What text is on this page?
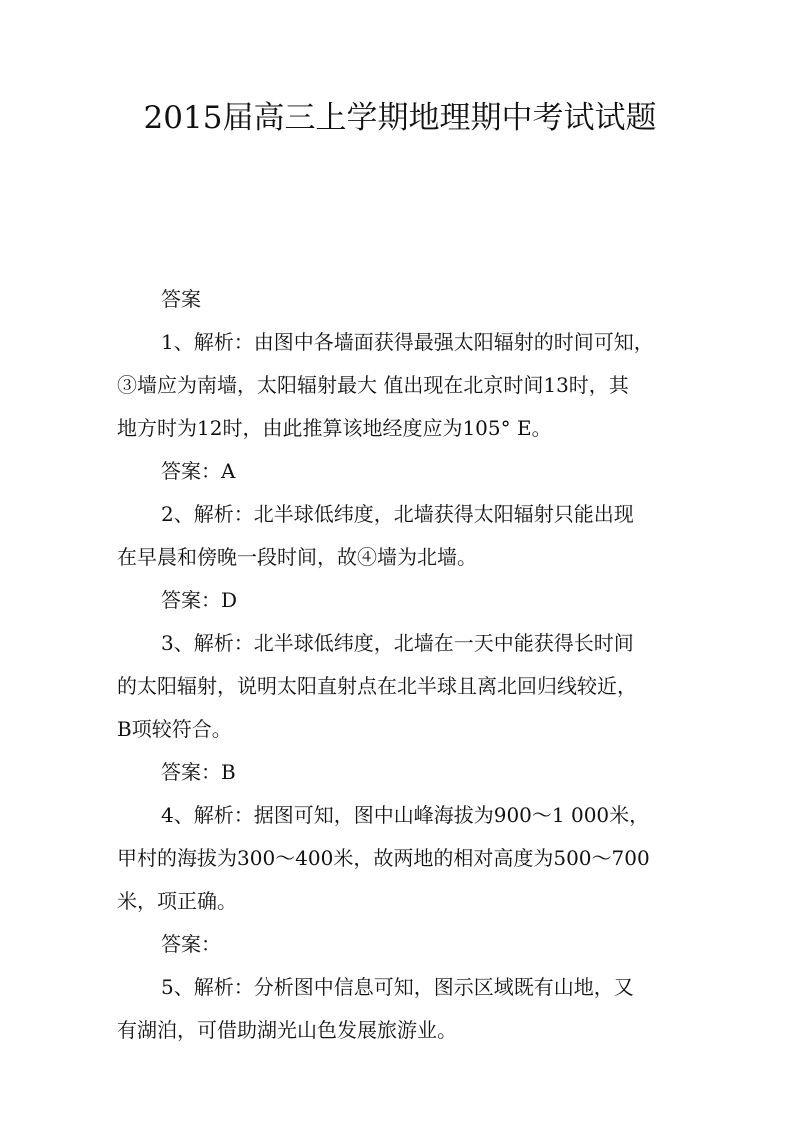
2015届高三上学期地理期中考试试题
答案
1、解析：由图中各墙面获得最强太阳辐射的时间可知，
③墙应为南墙，太阳辐射最大 值出现在北京时间13时，其
地方时为12时，由此推算该地经度应为105° E。
答案：A
2、解析：北半球低纬度，北墙获得太阳辐射只能出现
在早晨和傍晚一段时间，故④墙为北墙。
答案：D
3、解析：北半球低纬度，北墙在一天中能获得长时间
的太阳辐射，说明太阳直射点在北半球且离北回归线较近，
B项较符合。
答案：B
4、解析：据图可知，图中山峰海拔为900～1 000米，
甲村的海拔为300～400米，故两地的相对高度为500～700
米，项正确。
答案：
5、解析：分析图中信息可知，图示区域既有山地，又
有湖泊，可借助湖光山色发展旅游业。
